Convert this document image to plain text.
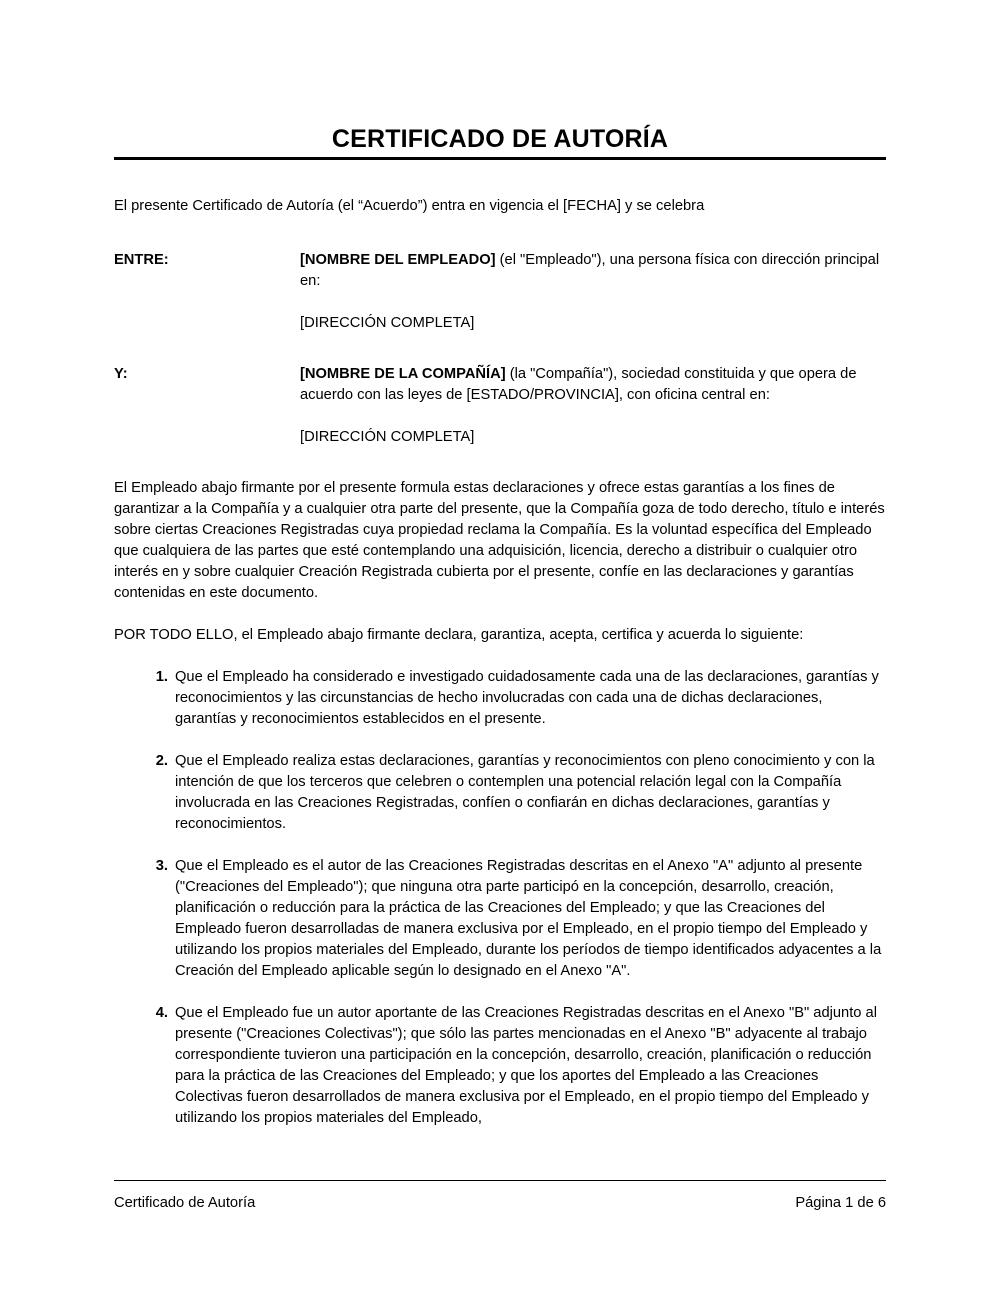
CERTIFICADO DE AUTORÍA

El presente Certificado de Autoría (el “Acuerdo”) entra en vigencia el [FECHA] y se celebra

ENTRE:	[NOMBRE DEL EMPLEADO] (el "Empleado"), una persona física con dirección principal en:

[DIRECCIÓN COMPLETA]

Y:	[NOMBRE DE LA COMPAÑÍA] (la "Compañía"), sociedad constituida y que opera de acuerdo con las leyes de [ESTADO/PROVINCIA], con oficina central en:

[DIRECCIÓN COMPLETA]

El Empleado abajo firmante por el presente formula estas declaraciones y ofrece estas garantías a los fines de garantizar a la Compañía y a cualquier otra parte del presente, que la Compañía goza de todo derecho, título e interés sobre ciertas Creaciones Registradas cuya propiedad reclama la Compañía. Es la voluntad específica del Empleado que cualquiera de las partes que esté contemplando una adquisición, licencia, derecho a distribuir o cualquier otro interés en y sobre cualquier Creación Registrada cubierta por el presente, confíe en las declaraciones y garantías contenidas en este documento.

POR TODO ELLO, el Empleado abajo firmante declara, garantiza, acepta, certifica y acuerda lo siguiente:

1. Que el Empleado ha considerado e investigado cuidadosamente cada una de las declaraciones, garantías y reconocimientos y las circunstancias de hecho involucradas con cada una de dichas declaraciones, garantías y reconocimientos establecidos en el presente.
2. Que el Empleado realiza estas declaraciones, garantías y reconocimientos con pleno conocimiento y con la intención de que los terceros que celebren o contemplen una potencial relación legal con la Compañía involucrada en las Creaciones Registradas, confíen o confiarán en dichas declaraciones, garantías y reconocimientos.
3. Que el Empleado es el autor de las Creaciones Registradas descritas en el Anexo "A" adjunto al presente ("Creaciones del Empleado"); que ninguna otra parte participó en la concepción, desarrollo, creación, planificación o reducción para la práctica de las Creaciones del Empleado; y que las Creaciones del Empleado fueron desarrolladas de manera exclusiva por el Empleado, en el propio tiempo del Empleado y utilizando los propios materiales del Empleado, durante los períodos de tiempo identificados adyacentes a la Creación del Empleado aplicable según lo designado en el Anexo "A".
4. Que el Empleado fue un autor aportante de las Creaciones Registradas descritas en el Anexo "B" adjunto al presente ("Creaciones Colectivas"); que sólo las partes mencionadas en el Anexo "B" adyacente al trabajo correspondiente tuvieron una participación en la concepción, desarrollo, creación, planificación o reducción para la práctica de las Creaciones del Empleado; y que los aportes del Empleado a las Creaciones Colectivas fueron desarrollados de manera exclusiva por el Empleado, en el propio tiempo del Empleado y utilizando los propios materiales del Empleado,
Certificado de Autoría	Página 1 de 6
